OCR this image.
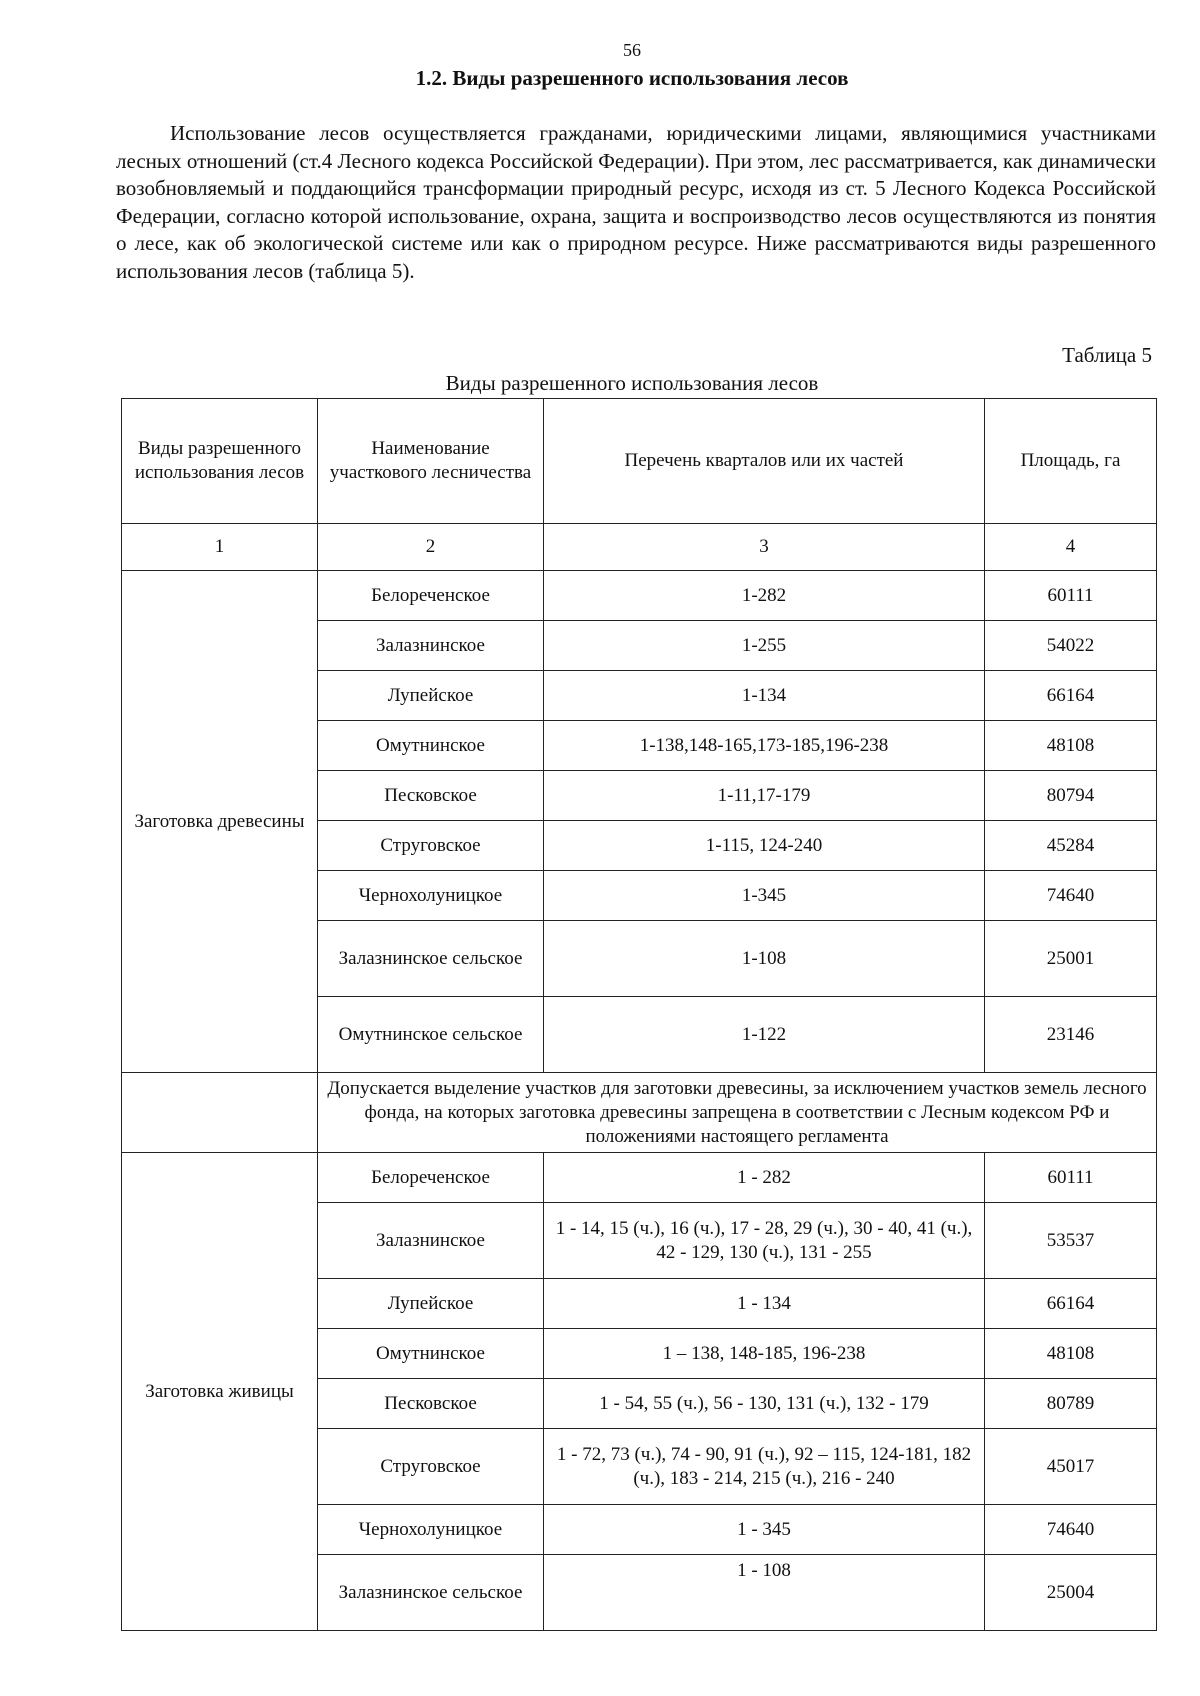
56
1.2. Виды разрешенного использования лесов

Использование лесов осуществляется гражданами, юридическими лицами, являющимися участниками лесных отношений (ст.4 Лесного кодекса Российской Федерации). При этом, лес рассматривается, как динамически возобновляемый и поддающийся трансформации природный ресурс, исходя из ст. 5 Лесного Кодекса Российской Федерации, согласно которой использование, охрана, защита и воспроизводство лесов осуществляются из понятия о лесе, как об экологической системе или как о природном ресурсе. Ниже рассматриваются виды разрешенного использования лесов (таблица 5).

Таблица 5
Виды разрешенного использования лесов
Виды разрешенного использования лесов	Наименование участкового лесничества	Перечень кварталов или их частей	Площадь, га
1	2	3	4
Заготовка древесины	Белореченское	1-282	60111
	Залазнинское	1-255	54022
	Лупейское	1-134	66164
	Омутнинское	1-138,148-165,173-185,196-238	48108
	Песковское	1-11,17-179	80794
	Струговское	1-115, 124-240	45284
	Чернохолуницкое	1-345	74640
	Залазнинское сельское	1-108	25001
	Омутнинское сельское	1-122	23146
	Допускается выделение участков для заготовки древесины, за исключением участков земель лесного фонда, на которых заготовка древесины запрещена в соответствии с Лесным кодексом РФ и положениями настоящего регламента		
Заготовка живицы	Белореченское	1 - 282	60111
	Залазнинское	1 - 14, 15 (ч.), 16 (ч.), 17 - 28, 29 (ч.), 30 - 40, 41 (ч.), 42 - 129, 130 (ч.), 131 - 255	53537
	Лупейское	1 - 134	66164
	Омутнинское	1 – 138, 148-185, 196-238	48108
	Песковское	1 - 54, 55 (ч.), 56 - 130, 131 (ч.), 132 - 179	80789
	Струговское	1 - 72, 73 (ч.), 74 - 90, 91 (ч.), 92 – 115, 124-181, 182 (ч.), 183 - 214, 215 (ч.), 216 - 240	45017
	Чернохолуницкое	1 - 345	74640
	Залазнинское сельское	1 - 108	25004
